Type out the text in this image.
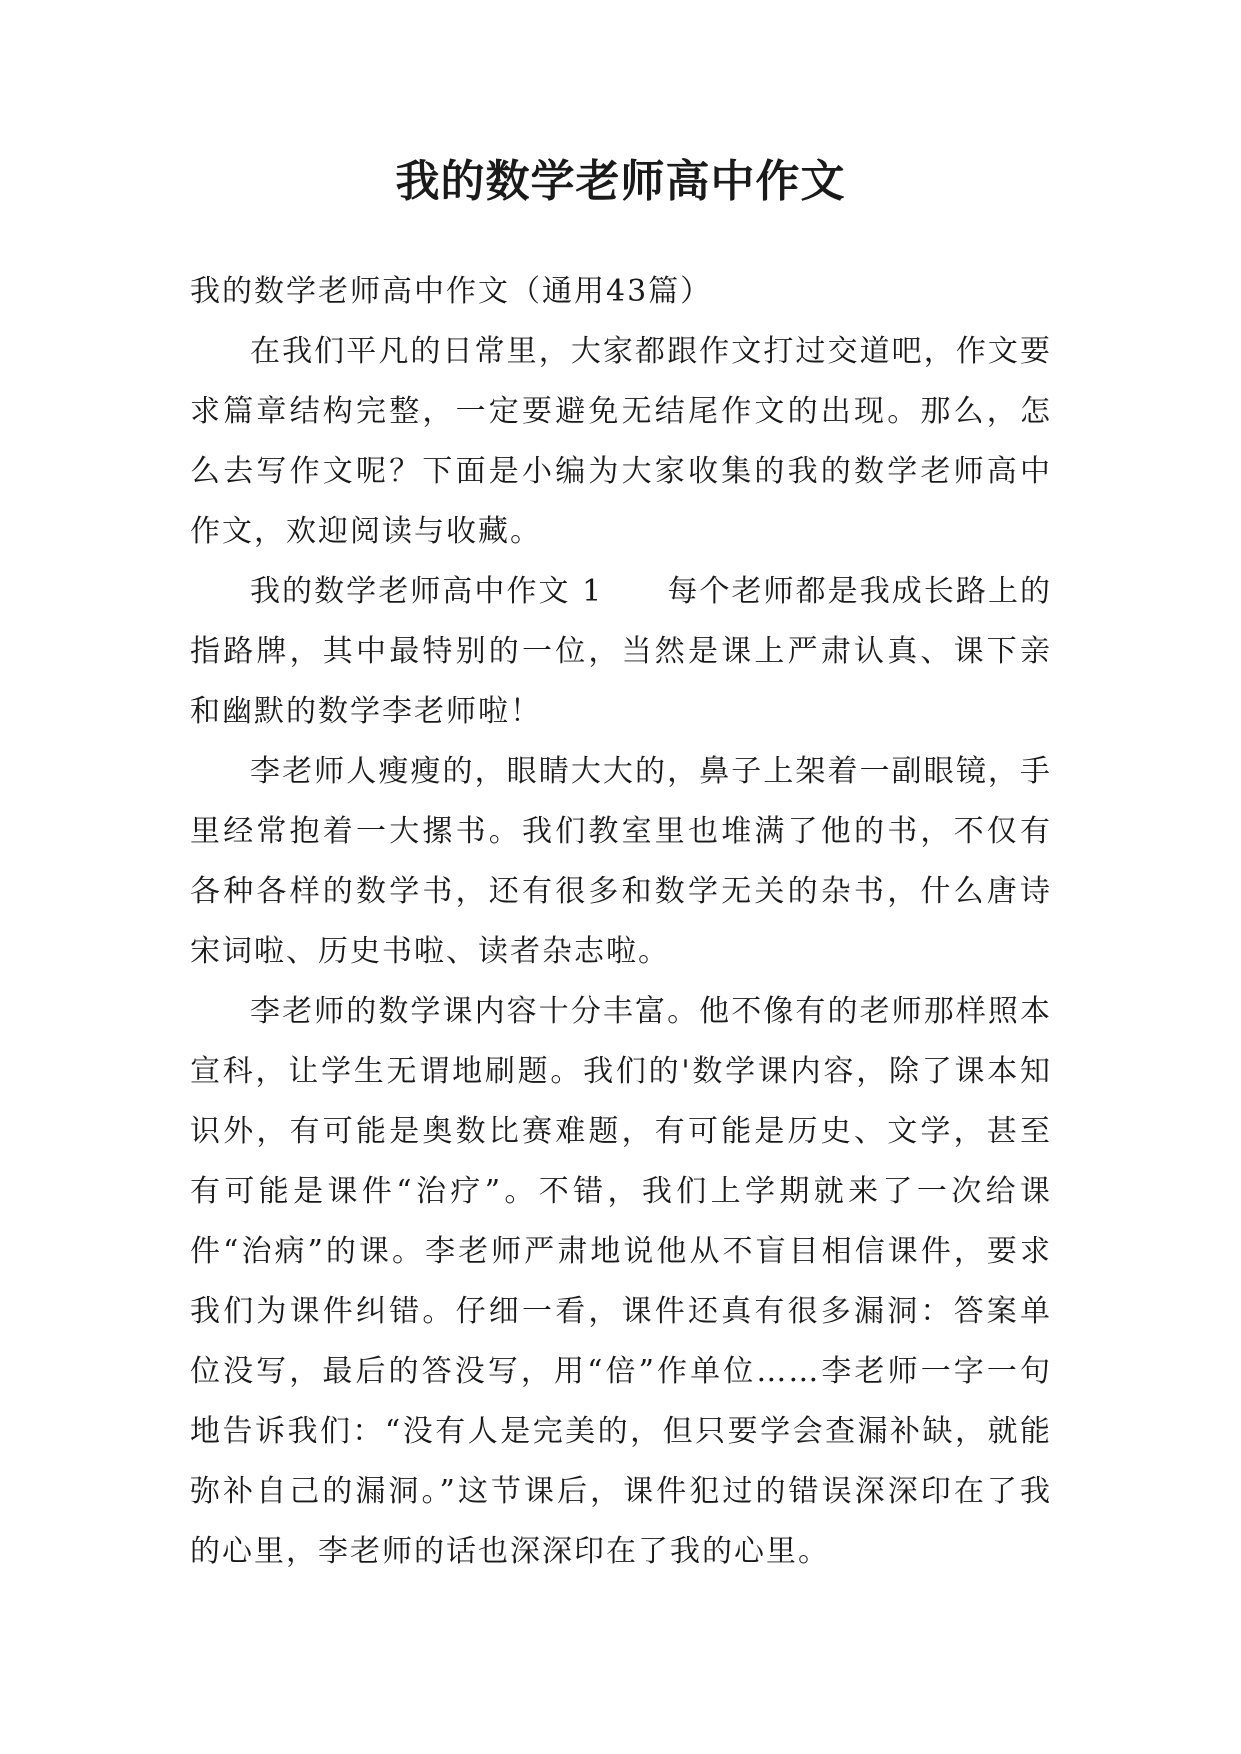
我的数学老师高中作文

我的数学老师高中作文（通用43篇）

在我们平凡的日常里，大家都跟作文打过交道吧，作文要求篇章结构完整，一定要避免无结尾作文的出现。那么，怎么去写作文呢？下面是小编为大家收集的我的数学老师高中作文，欢迎阅读与收藏。

我的数学老师高中作文 1　　每个老师都是我成长路上的指路牌，其中最特别的一位，当然是课上严肃认真、课下亲和幽默的数学李老师啦！

李老师人瘦瘦的，眼睛大大的，鼻子上架着一副眼镜，手里经常抱着一大摞书。我们教室里也堆满了他的书，不仅有各种各样的数学书，还有很多和数学无关的杂书，什么唐诗宋词啦、历史书啦、读者杂志啦。

李老师的数学课内容十分丰富。他不像有的老师那样照本宣科，让学生无谓地刷题。我们的'数学课内容，除了课本知识外，有可能是奥数比赛难题，有可能是历史、文学，甚至有可能是课件“治疗”。不错，我们上学期就来了一次给课件“治病”的课。李老师严肃地说他从不盲目相信课件，要求我们为课件纠错。仔细一看，课件还真有很多漏洞：答案单位没写，最后的答没写，用“倍”作单位……李老师一字一句地告诉我们：“没有人是完美的，但只要学会查漏补缺，就能弥补自己的漏洞。”这节课后，课件犯过的错误深深印在了我的心里，李老师的话也深深印在了我的心里。
